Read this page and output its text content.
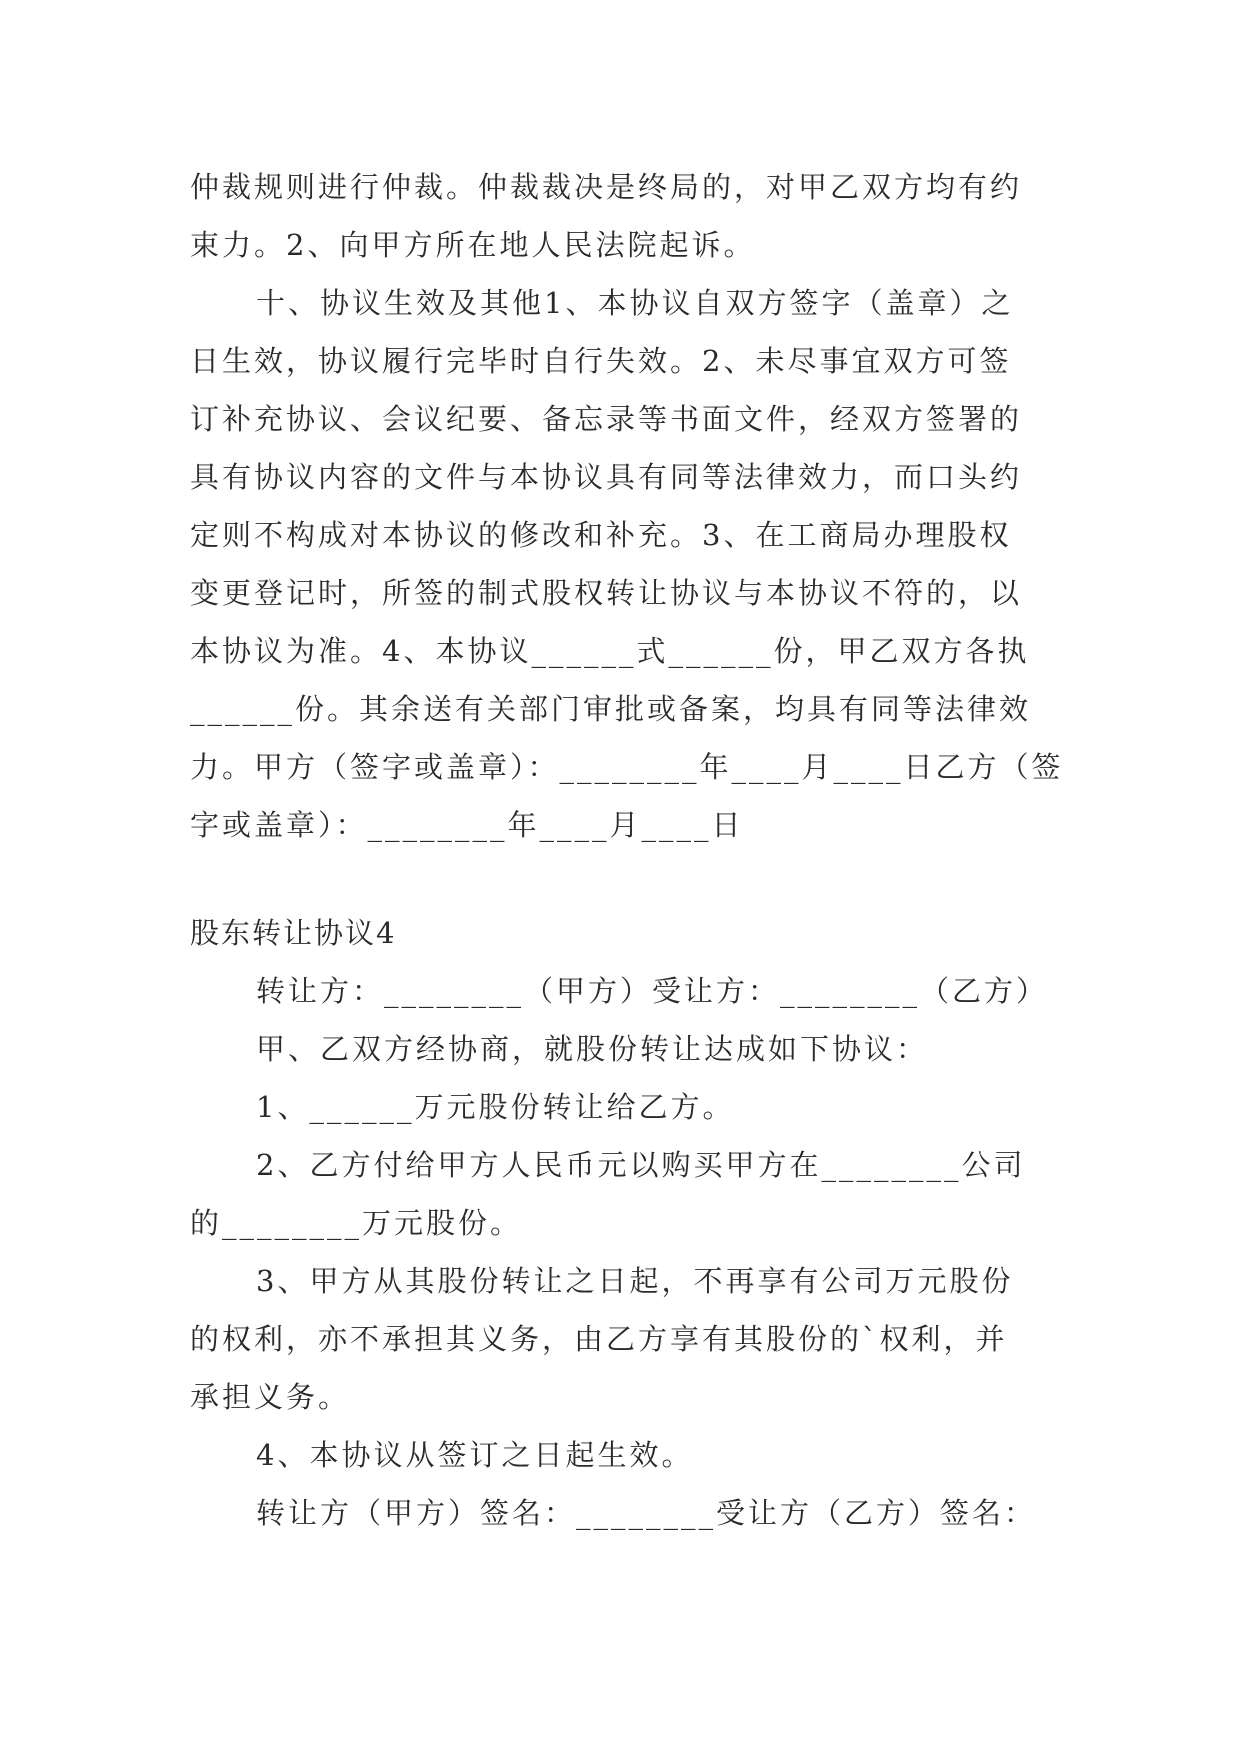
仲裁规则进行仲裁。仲裁裁决是终局的，对甲乙双方均有约
束力。2、向甲方所在地人民法院起诉。
十、协议生效及其他1、本协议自双方签字（盖章）之
日生效，协议履行完毕时自行失效。2、未尽事宜双方可签
订补充协议、会议纪要、备忘录等书面文件，经双方签署的
具有协议内容的文件与本协议具有同等法律效力，而口头约
定则不构成对本协议的修改和补充。3、在工商局办理股权
变更登记时，所签的制式股权转让协议与本协议不符的，以
本协议为准。4、本协议______式______份，甲乙双方各执
______份。其余送有关部门审批或备案，均具有同等法律效
力。甲方（签字或盖章）：________年____月____日乙方（签
字或盖章）：________年____月____日
股东转让协议4
转让方：________（甲方）受让方：________（乙方）
甲、乙双方经协商，就股份转让达成如下协议：
1、______万元股份转让给乙方。
2、乙方付给甲方人民币元以购买甲方在________公司
的________万元股份。
3、甲方从其股份转让之日起，不再享有公司万元股份
的权利，亦不承担其义务，由乙方享有其股份的`权利，并
承担义务。
4、本协议从签订之日起生效。
转让方（甲方）签名：________受让方（乙方）签名：
